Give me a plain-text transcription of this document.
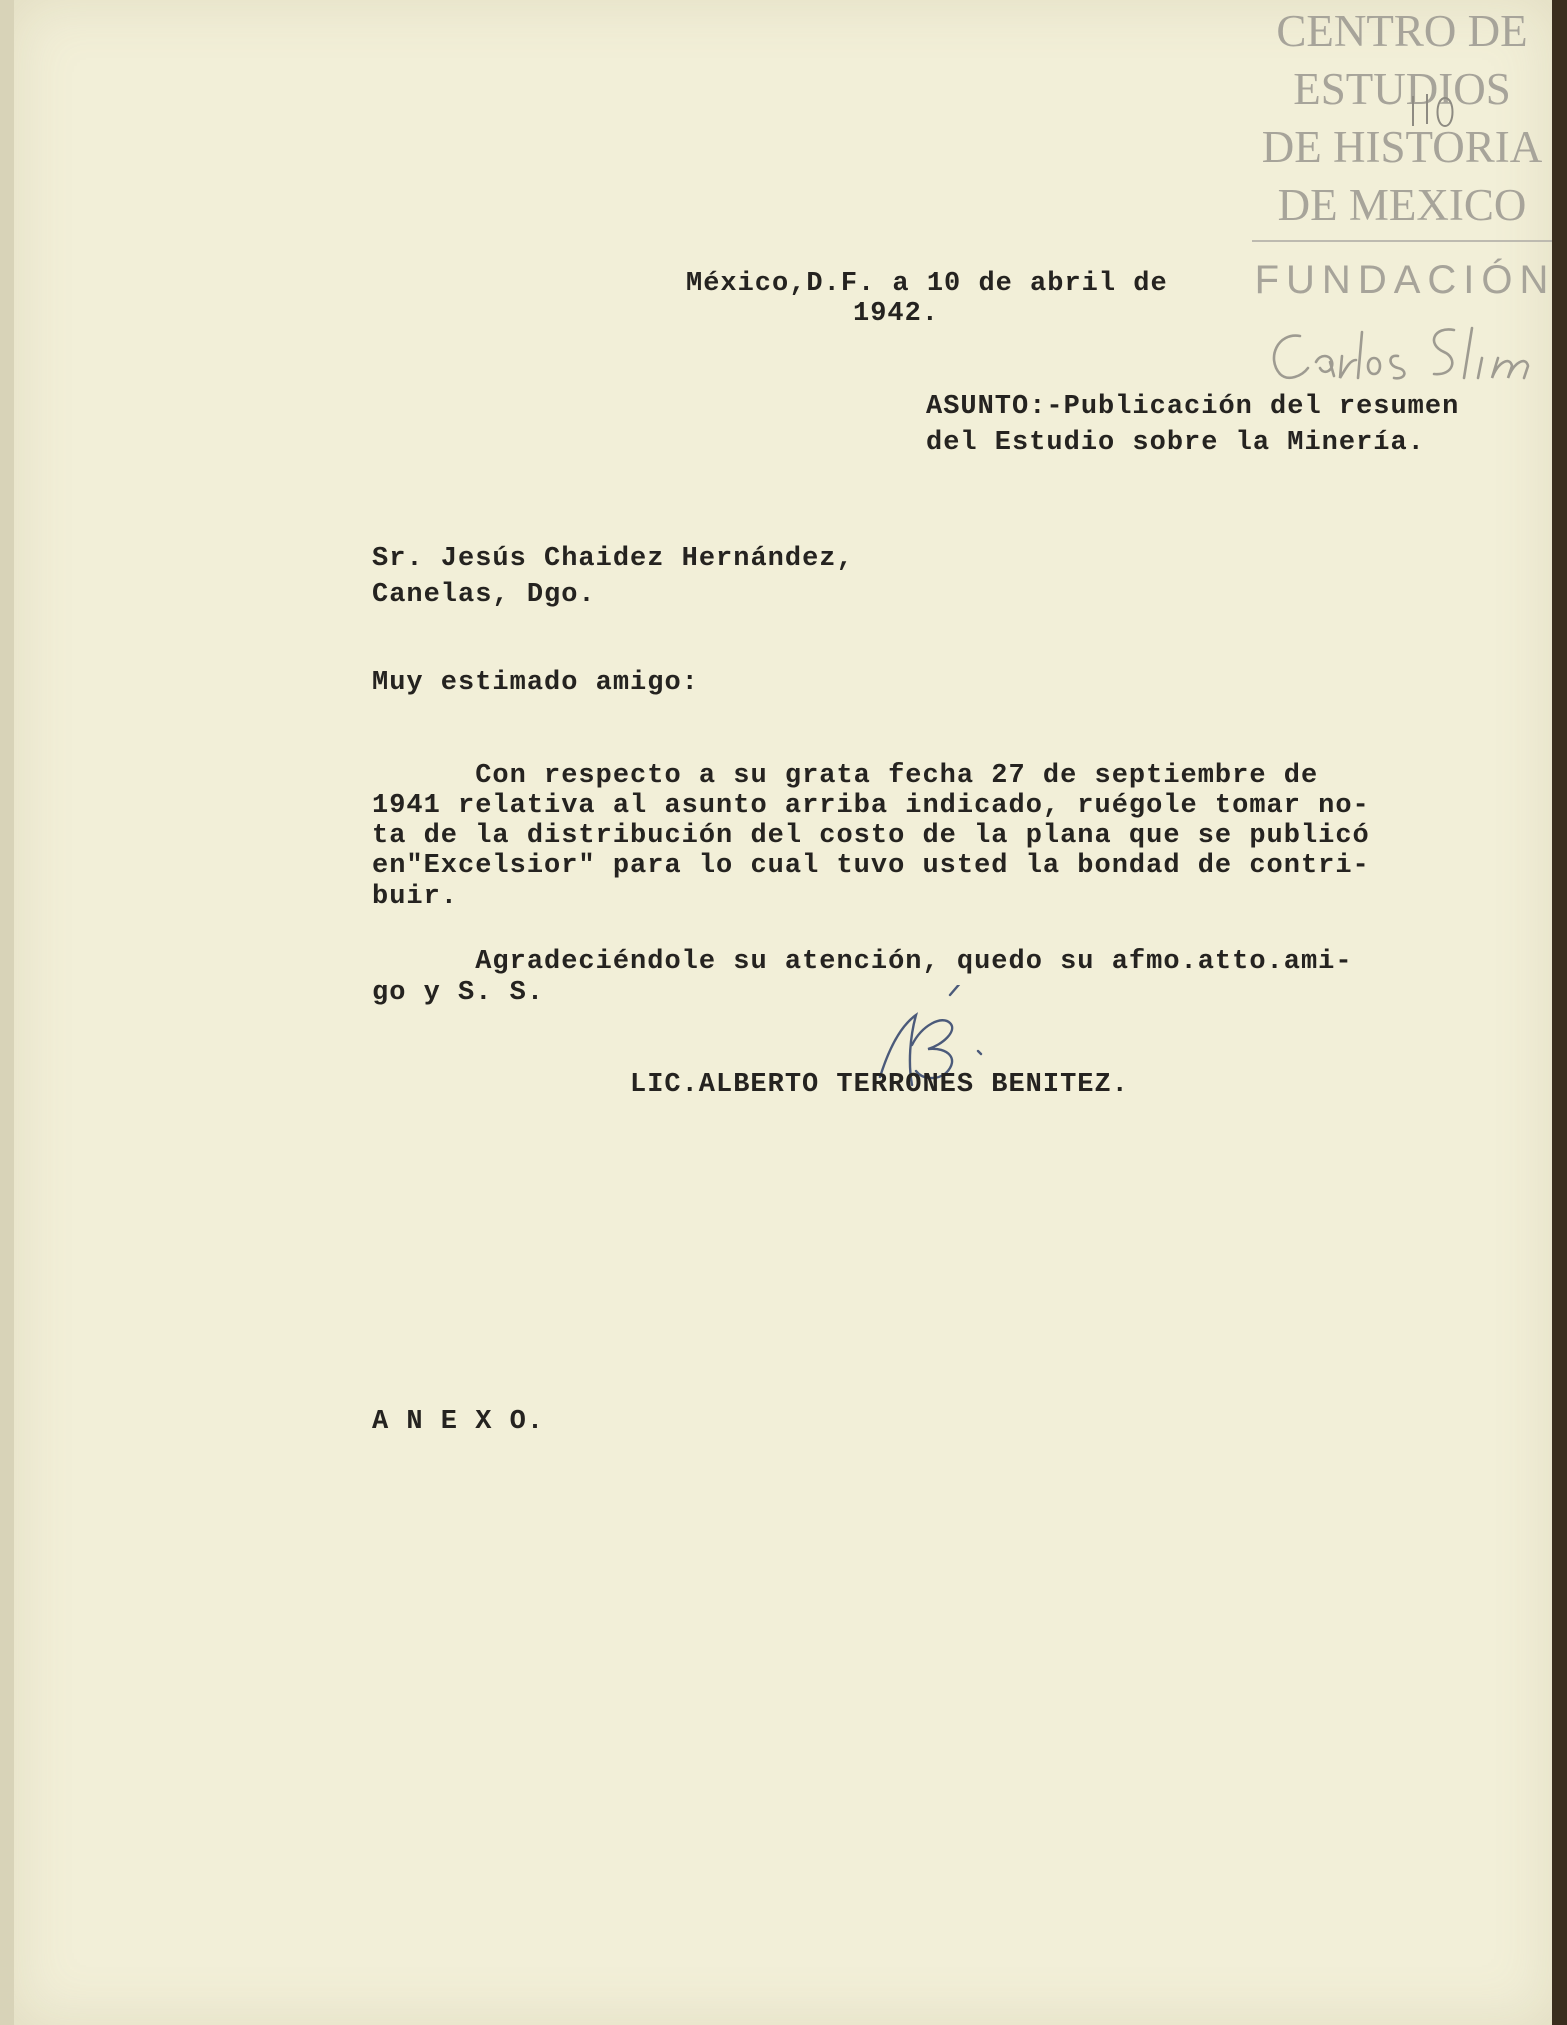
CENTRO DE
ESTUDIOS
DE HISTORIA
DE MEXICO
FUNDACIÓN
México,D.F. a 10 de abril de
1942.
ASUNTO:-Publicación del resumen
del Estudio sobre la Minería.
Sr. Jesús Chaidez Hernández,
Canelas, Dgo.
Muy estimado amigo:
Con respecto a su grata fecha 27 de septiembre de
1941 relativa al asunto arriba indicado, ruégole tomar no-
ta de la distribución del costo de la plana que se publicó
en"Excelsior" para lo cual tuvo usted la bondad de contri-
buir.
Agradeciéndole su atención, quedo su afmo.atto.ami-
go y S. S.
LIC.ALBERTO TERRONES BENITEZ.
A N E X O.
